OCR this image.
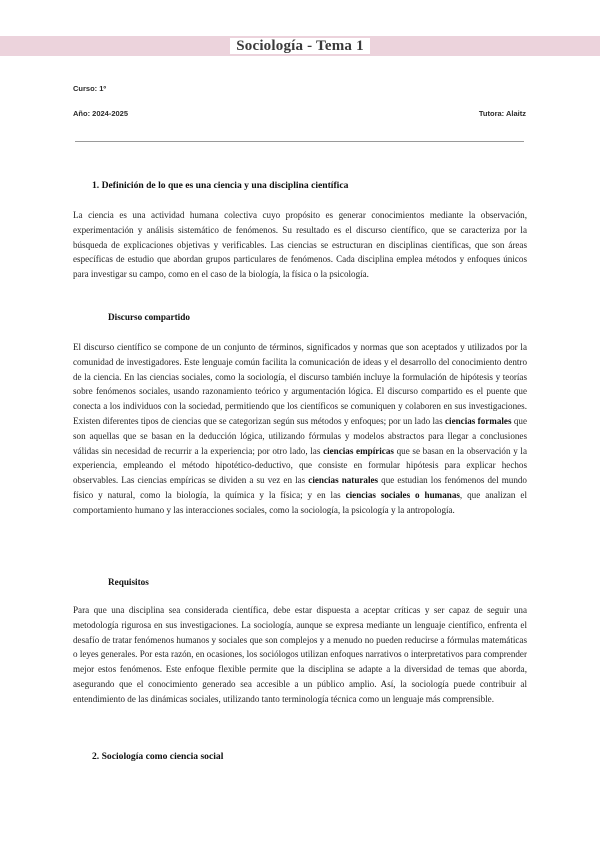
Sociología - Tema 1
Curso: 1º
Año: 2024-2025	Tutora: Alaitz
1. Definición de lo que es una ciencia y una disciplina científica
La ciencia es una actividad humana colectiva cuyo propósito es generar conocimientos mediante la observación, experimentación y análisis sistemático de fenómenos. Su resultado es el discurso científico, que se caracteriza por la búsqueda de explicaciones objetivas y verificables. Las ciencias se estructuran en disciplinas científicas, que son áreas específicas de estudio que abordan grupos particulares de fenómenos. Cada disciplina emplea métodos y enfoques únicos para investigar su campo, como en el caso de la biología, la física o la psicología.
Discurso compartido
El discurso científico se compone de un conjunto de términos, significados y normas que son aceptados y utilizados por la comunidad de investigadores. Este lenguaje común facilita la comunicación de ideas y el desarrollo del conocimiento dentro de la ciencia. En las ciencias sociales, como la sociología, el discurso también incluye la formulación de hipótesis y teorías sobre fenómenos sociales, usando razonamiento teórico y argumentación lógica. El discurso compartido es el puente que conecta a los individuos con la sociedad, permitiendo que los científicos se comuniquen y colaboren en sus investigaciones. Existen diferentes tipos de ciencias que se categorizan según sus métodos y enfoques; por un lado las ciencias formales que son aquellas que se basan en la deducción lógica, utilizando fórmulas y modelos abstractos para llegar a conclusiones válidas sin necesidad de recurrir a la experiencia; por otro lado, las ciencias empíricas que se basan en la observación y la experiencia, empleando el método hipotético-deductivo, que consiste en formular hipótesis para explicar hechos observables. Las ciencias empíricas se dividen a su vez en las ciencias naturales que estudian los fenómenos del mundo físico y natural, como la biología, la química y la física; y en las ciencias sociales o humanas, que analizan el comportamiento humano y las interacciones sociales, como la sociología, la psicología y la antropología.
Requisitos
Para que una disciplina sea considerada científica, debe estar dispuesta a aceptar críticas y ser capaz de seguir una metodología rigurosa en sus investigaciones. La sociología, aunque se expresa mediante un lenguaje científico, enfrenta el desafío de tratar fenómenos humanos y sociales que son complejos y a menudo no pueden reducirse a fórmulas matemáticas o leyes generales. Por esta razón, en ocasiones, los sociólogos utilizan enfoques narrativos o interpretativos para comprender mejor estos fenómenos. Este enfoque flexible permite que la disciplina se adapte a la diversidad de temas que aborda, asegurando que el conocimiento generado sea accesible a un público amplio. Así, la sociología puede contribuir al entendimiento de las dinámicas sociales, utilizando tanto terminología técnica como un lenguaje más comprensible.
2. Sociología como ciencia social
